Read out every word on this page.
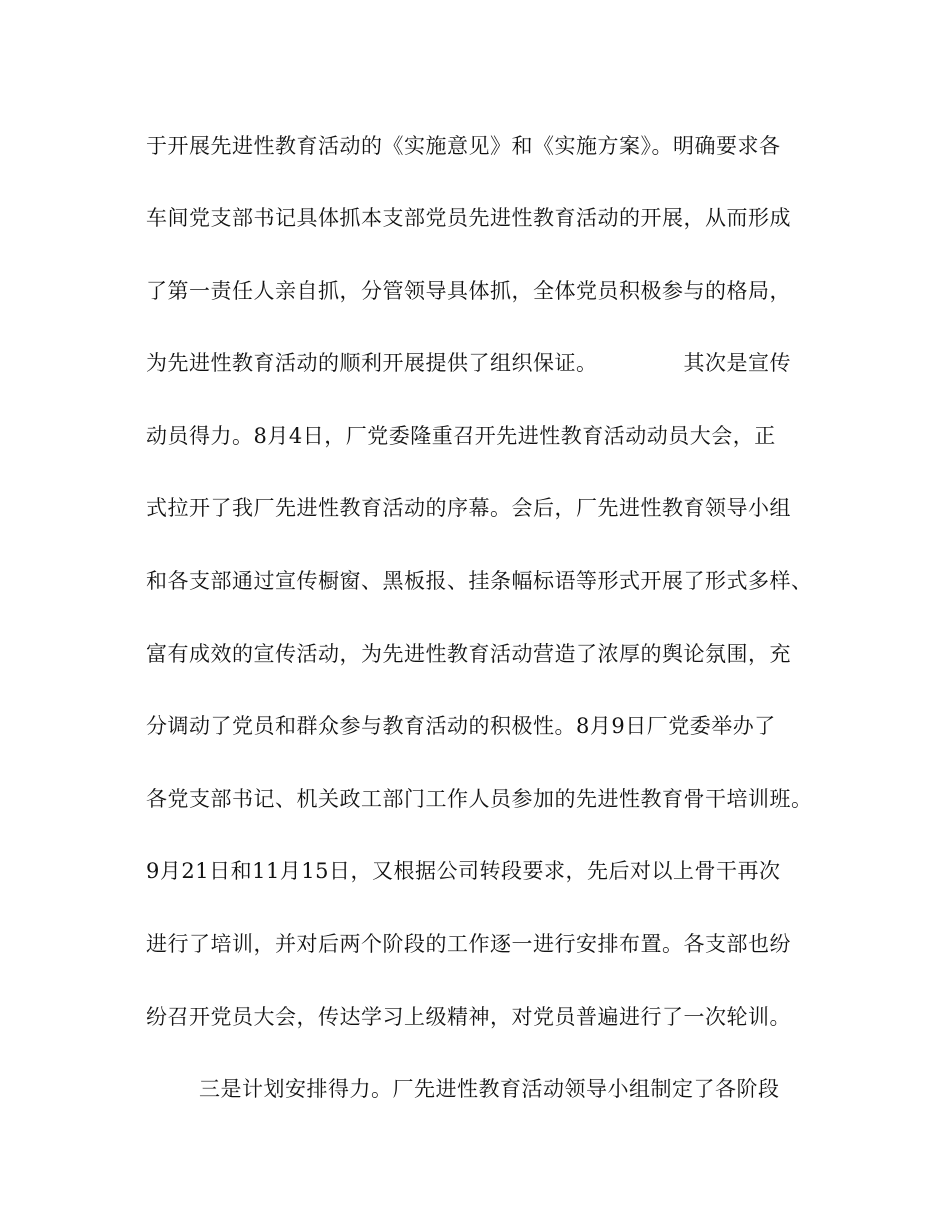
于开展先进性教育活动的《实施意见》和《实施方案》。明确要求各
车间党支部书记具体抓本支部党员先进性教育活动的开展，从而形成
了第一责任人亲自抓，分管领导具体抓，全体党员积极参与的格局，
为先进性教育活动的顺利开展提供了组织保证。	其次是宣传
动员得力。8月4日，厂党委隆重召开先进性教育活动动员大会，正
式拉开了我厂先进性教育活动的序幕。会后，厂先进性教育领导小组
和各支部通过宣传橱窗、黑板报、挂条幅标语等形式开展了形式多样、
富有成效的宣传活动，为先进性教育活动营造了浓厚的舆论氛围，充
分调动了党员和群众参与教育活动的积极性。8月9日厂党委举办了
各党支部书记、机关政工部门工作人员参加的先进性教育骨干培训班。
9月21日和11月15日，又根据公司转段要求，先后对以上骨干再次
进行了培训，并对后两个阶段的工作逐一进行安排布置。各支部也纷
纷召开党员大会，传达学习上级精神，对党员普遍进行了一次轮训。
三是计划安排得力。厂先进性教育活动领导小组制定了各阶段
